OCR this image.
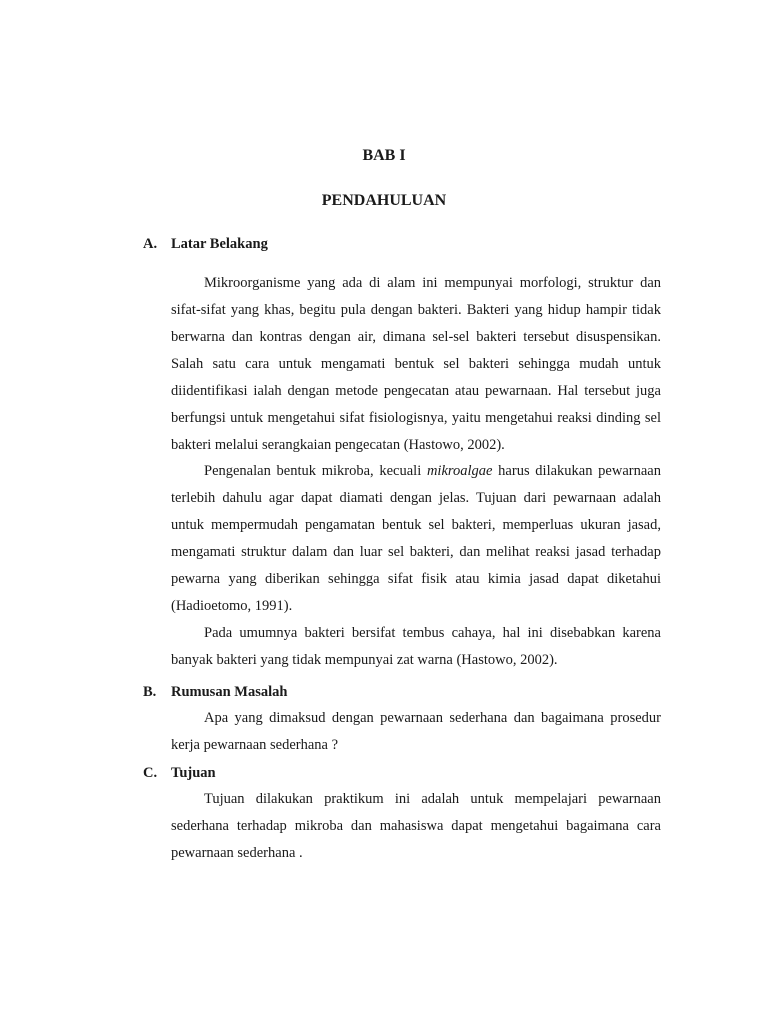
BAB I
PENDAHULUAN
A. Latar Belakang

Mikroorganisme yang ada di alam ini mempunyai morfologi, struktur dan sifat-sifat yang khas, begitu pula dengan bakteri. Bakteri yang hidup hampir tidak berwarna dan kontras dengan air, dimana sel-sel bakteri tersebut disuspensikan. Salah satu cara untuk mengamati bentuk sel bakteri sehingga mudah untuk diidentifikasi ialah dengan metode pengecatan atau pewarnaan. Hal tersebut juga berfungsi untuk mengetahui sifat fisiologisnya, yaitu mengetahui reaksi dinding sel bakteri melalui serangkaian pengecatan (Hastowo, 2002).

Pengenalan bentuk mikroba, kecuali mikroalgae harus dilakukan pewarnaan terlebih dahulu agar dapat diamati dengan jelas. Tujuan dari pewarnaan adalah untuk mempermudah pengamatan bentuk sel bakteri, memperluas ukuran jasad, mengamati struktur dalam dan luar sel bakteri, dan melihat reaksi jasad terhadap pewarna yang diberikan sehingga sifat fisik atau kimia jasad dapat diketahui (Hadioetomo, 1991).

Pada umumnya bakteri bersifat tembus cahaya, hal ini disebabkan karena banyak bakteri yang tidak mempunyai zat warna (Hastowo, 2002).

B. Rumusan Masalah

Apa yang dimaksud dengan pewarnaan sederhana dan bagaimana prosedur kerja pewarnaan sederhana ?

C. Tujuan

Tujuan dilakukan praktikum ini adalah untuk mempelajari pewarnaan sederhana terhadap mikroba dan mahasiswa dapat mengetahui bagaimana cara pewarnaan sederhana .
